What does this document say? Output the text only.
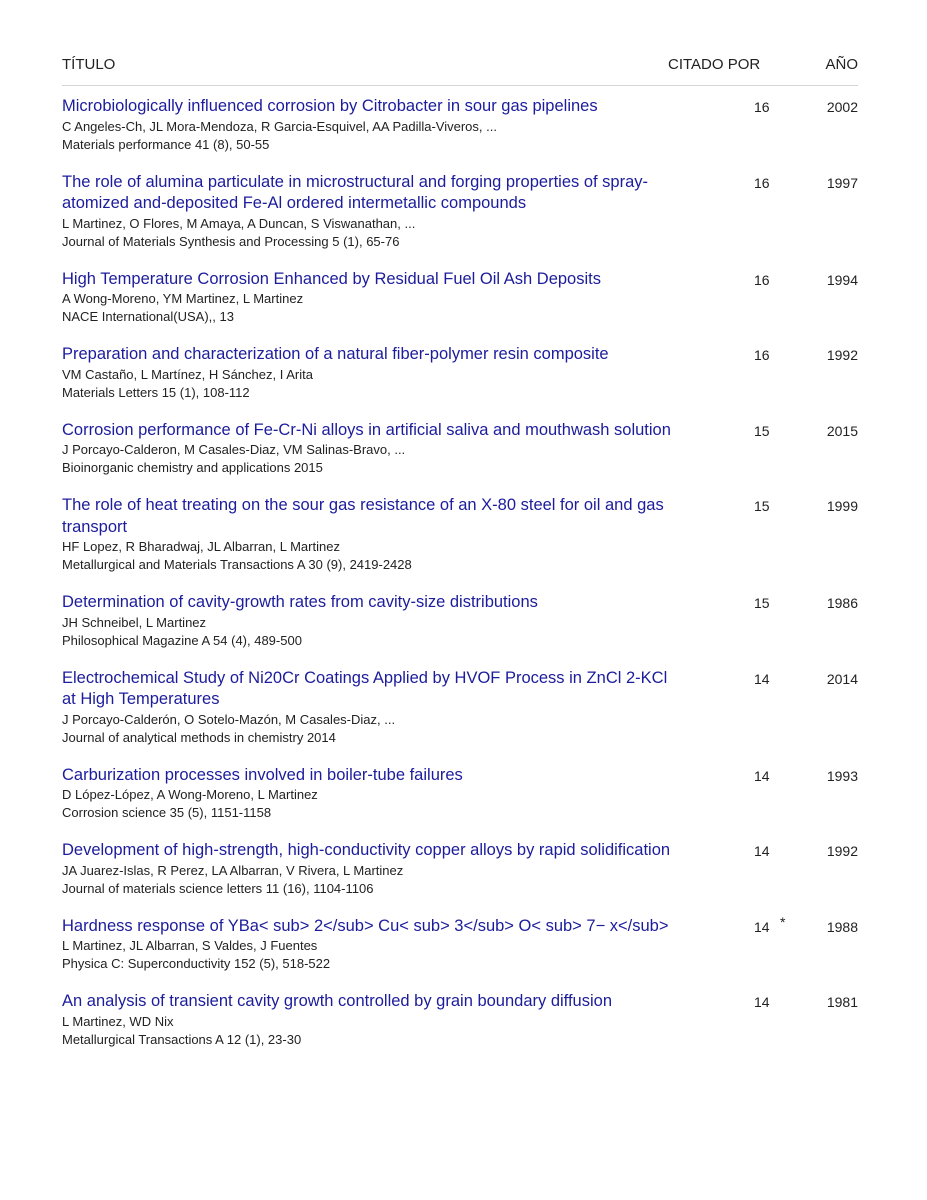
TÍTULO	CITADO POR	AÑO
Microbiologically influenced corrosion by Citrobacter in sour gas pipelines
C Angeles-Ch, JL Mora-Mendoza, R Garcia-Esquivel, AA Padilla-Viveros, ...
Materials performance 41 (8), 50-55
16	2002
The role of alumina particulate in microstructural and forging properties of spray-atomized and-deposited Fe-Al ordered intermetallic compounds
L Martinez, O Flores, M Amaya, A Duncan, S Viswanathan, ...
Journal of Materials Synthesis and Processing 5 (1), 65-76
16	1997
High Temperature Corrosion Enhanced by Residual Fuel Oil Ash Deposits
A Wong-Moreno, YM Martinez, L Martinez
NACE International(USA),, 13
16	1994
Preparation and characterization of a natural fiber-polymer resin composite
VM Castaño, L Martínez, H Sánchez, I Arita
Materials Letters 15 (1), 108-112
16	1992
Corrosion performance of Fe-Cr-Ni alloys in artificial saliva and mouthwash solution
J Porcayo-Calderon, M Casales-Diaz, VM Salinas-Bravo, ...
Bioinorganic chemistry and applications 2015
15	2015
The role of heat treating on the sour gas resistance of an X-80 steel for oil and gas transport
HF Lopez, R Bharadwaj, JL Albarran, L Martinez
Metallurgical and Materials Transactions A 30 (9), 2419-2428
15	1999
Determination of cavity-growth rates from cavity-size distributions
JH Schneibel, L Martinez
Philosophical Magazine A 54 (4), 489-500
15	1986
Electrochemical Study of Ni20Cr Coatings Applied by HVOF Process in ZnCl 2-KCl at High Temperatures
J Porcayo-Calderón, O Sotelo-Mazón, M Casales-Diaz, ...
Journal of analytical methods in chemistry 2014
14	2014
Carburization processes involved in boiler-tube failures
D López-López, A Wong-Moreno, L Martinez
Corrosion science 35 (5), 1151-1158
14	1993
Development of high-strength, high-conductivity copper alloys by rapid solidification
JA Juarez-Islas, R Perez, LA Albarran, V Rivera, L Martinez
Journal of materials science letters 11 (16), 1104-1106
14	1992
Hardness response of YBa< sub> 2</sub> Cu< sub> 3</sub> O< sub> 7− x</sub>
L Martinez, JL Albarran, S Valdes, J Fuentes
Physica C: Superconductivity 152 (5), 518-522
14 *	1988
An analysis of transient cavity growth controlled by grain boundary diffusion
L Martinez, WD Nix
Metallurgical Transactions A 12 (1), 23-30
14	1981
